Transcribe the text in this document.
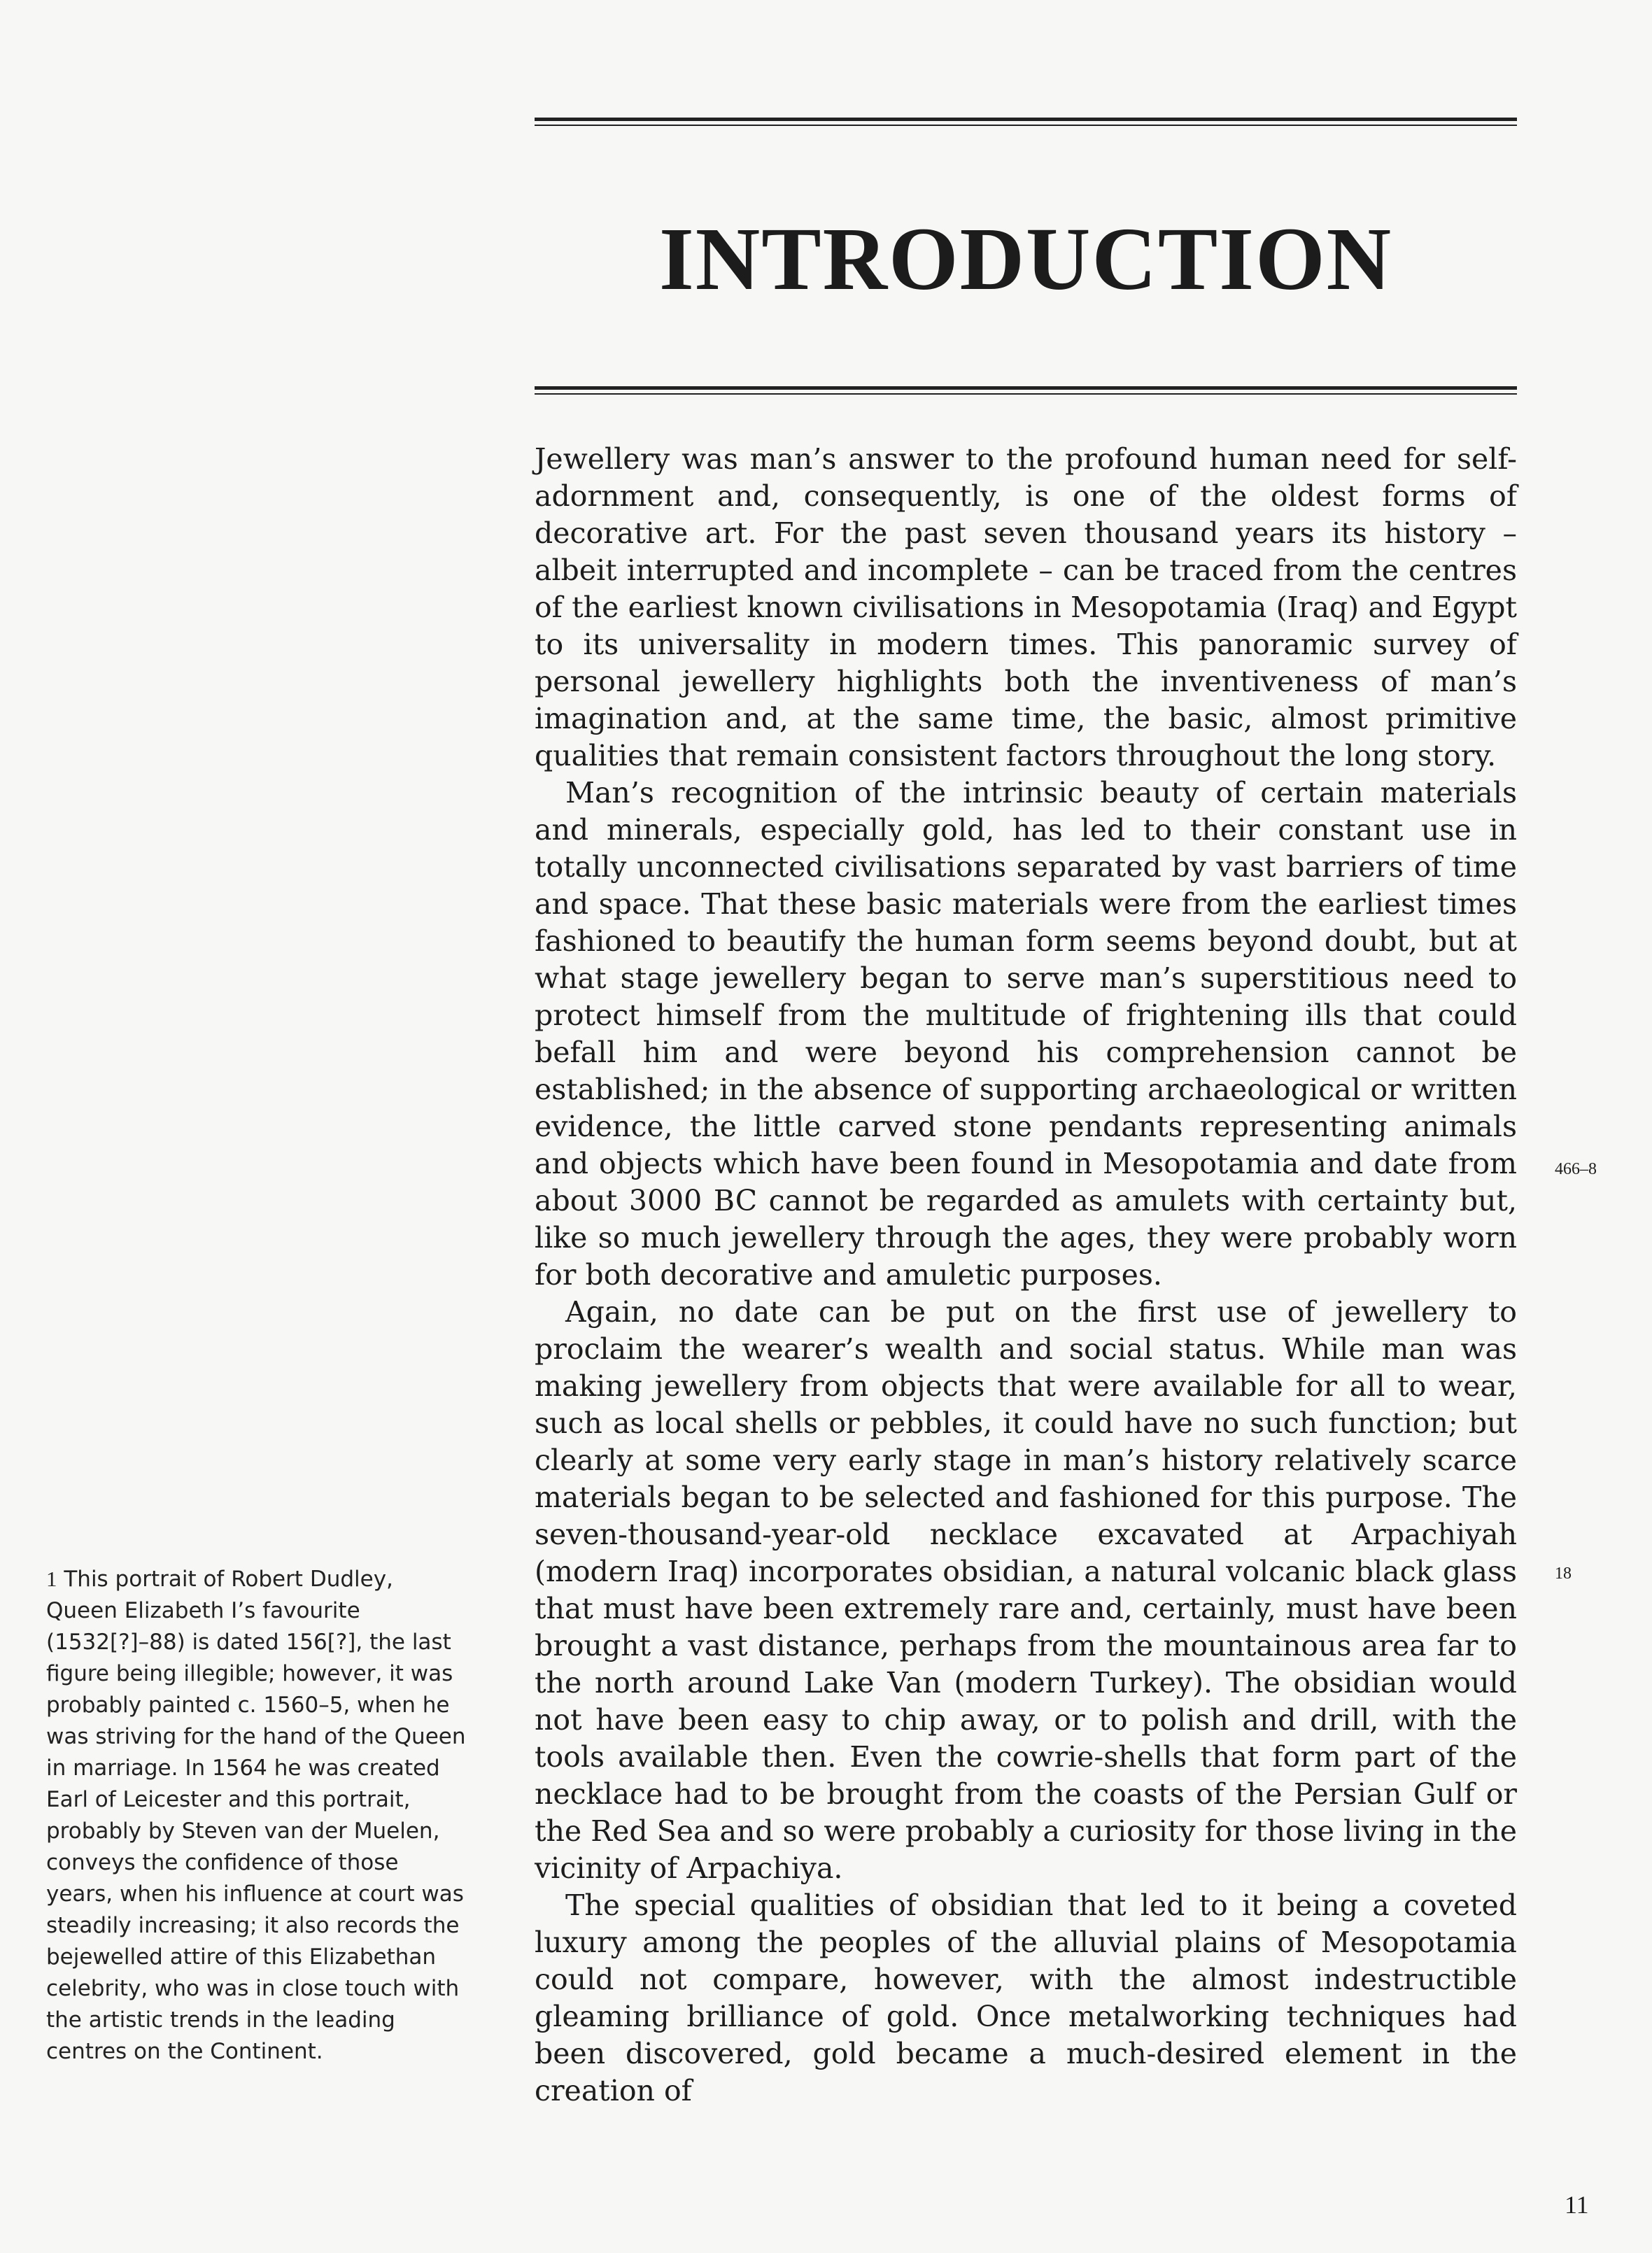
INTRODUCTION

Jewellery was man’s answer to the profound human need for self-adornment and, consequently, is one of the oldest forms of decorative art. For the past seven thousand years its history – albeit interrupted and incomplete – can be traced from the centres of the earliest known civilisations in Mesopotamia (Iraq) and Egypt to its universality in modern times. This panoramic survey of personal jewellery highlights both the inventiveness of man’s imagination and, at the same time, the basic, almost primitive qualities that remain consistent factors throughout the long story.

Man’s recognition of the intrinsic beauty of certain materials and minerals, especially gold, has led to their constant use in totally unconnected civilisations separated by vast barriers of time and space. That these basic materials were from the earliest times fashioned to beautify the human form seems beyond doubt, but at what stage jewellery began to serve man’s superstitious need to protect himself from the multitude of frightening ills that could befall him and were beyond his comprehension cannot be established; in the absence of supporting archaeological or written evidence, the little carved stone pendants representing animals and objects which have been found in Mesopotamia and date from about 3000 BC cannot be regarded as amulets with certainty but, like so much jewellery through the ages, they were probably worn for both decorative and amuletic purposes.

Again, no date can be put on the first use of jewellery to proclaim the wearer’s wealth and social status. While man was making jewellery from objects that were available for all to wear, such as local shells or pebbles, it could have no such function; but clearly at some very early stage in man’s history relatively scarce materials began to be selected and fashioned for this purpose. The seven-thousand-year-old necklace excavated at Arpachiyah (modern Iraq) incorporates obsidian, a natural volcanic black glass that must have been extremely rare and, certainly, must have been brought a vast distance, perhaps from the mountainous area far to the north around Lake Van (modern Turkey). The obsidian would not have been easy to chip away, or to polish and drill, with the tools available then. Even the cowrie-shells that form part of the necklace had to be brought from the coasts of the Persian Gulf or the Red Sea and so were probably a curiosity for those living in the vicinity of Arpachiya.

The special qualities of obsidian that led to it being a coveted luxury among the peoples of the alluvial plains of Mesopotamia could not compare, however, with the almost indestructible gleaming brilliance of gold. Once metalworking techniques had been discovered, gold became a much-desired element in the creation of

466–8
18
1 This portrait of Robert Dudley, Queen Elizabeth I’s favourite (1532[?]–88) is dated 156[?], the last figure being illegible; however, it was probably painted c. 1560–5, when he was striving for the hand of the Queen in marriage. In 1564 he was created Earl of Leicester and this portrait, probably by Steven van der Muelen, conveys the confidence of those years, when his influence at court was steadily increasing; it also records the bejewelled attire of this Elizabethan celebrity, who was in close touch with the artistic trends in the leading centres on the Continent.
11
